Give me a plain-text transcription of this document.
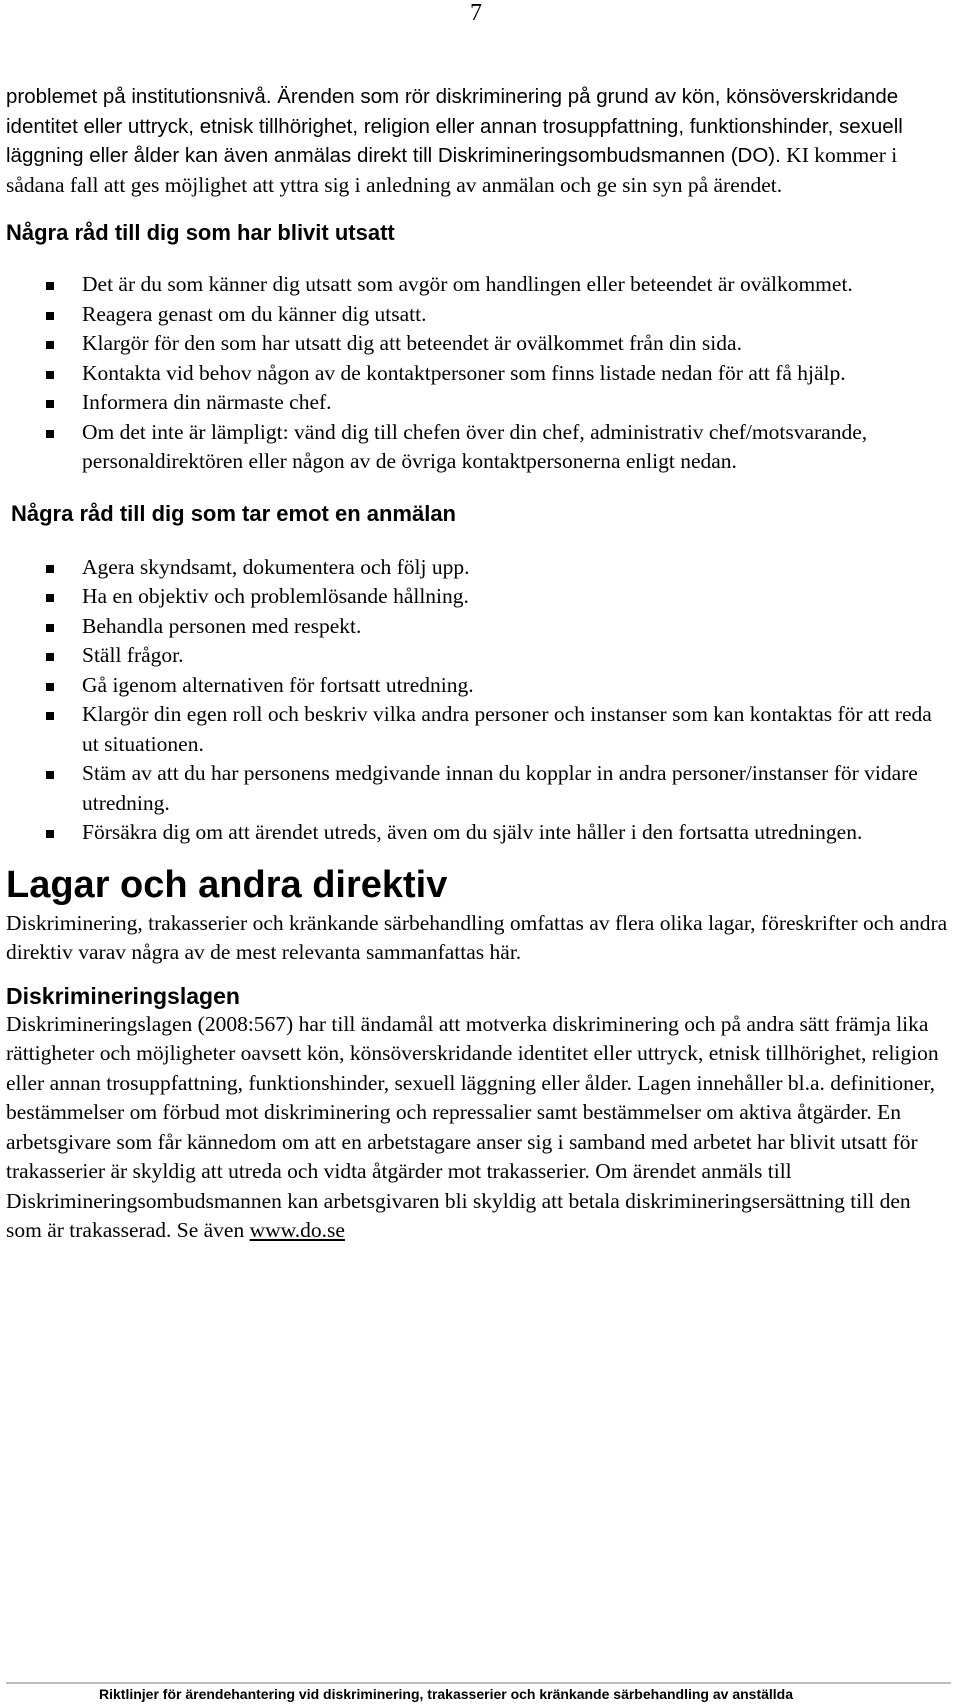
7

problemet på institutionsnivå. Ärenden som rör diskriminering på grund av kön, könsöverskridande identitet eller uttryck, etnisk tillhörighet, religion eller annan trosuppfattning, funktionshinder, sexuell läggning eller ålder kan även anmälas direkt till Diskrimineringsombudsmannen (DO). KI kommer i sådana fall att ges möjlighet att yttra sig i anledning av anmälan och ge sin syn på ärendet.

Några råd till dig som har blivit utsatt
Det är du som känner dig utsatt som avgör om handlingen eller beteendet är ovälkommet.
Reagera genast om du känner dig utsatt.
Klargör för den som har utsatt dig att beteendet är ovälkommet från din sida.
Kontakta vid behov någon av de kontaktpersoner som finns listade nedan för att få hjälp.
Informera din närmaste chef.
Om det inte är lämpligt: vänd dig till chefen över din chef, administrativ chef/motsvarande, personaldirektören eller någon av de övriga kontaktpersonerna enligt nedan.
Några råd till dig som tar emot en anmälan
Agera skyndsamt, dokumentera och följ upp.
Ha en objektiv och problemlösande hållning.
Behandla personen med respekt.
Ställ frågor.
Gå igenom alternativen för fortsatt utredning.
Klargör din egen roll och beskriv vilka andra personer och instanser som kan kontaktas för att reda ut situationen.
Stäm av att du har personens medgivande innan du kopplar in andra personer/instanser för vidare utredning.
Försäkra dig om att ärendet utreds, även om du själv inte håller i den fortsatta utredningen.
Lagar och andra direktiv

Diskriminering, trakasserier och kränkande särbehandling omfattas av flera olika lagar, föreskrifter och andra direktiv varav några av de mest relevanta sammanfattas här.

Diskrimineringslagen

Diskrimineringslagen (2008:567) har till ändamål att motverka diskriminering och på andra sätt främja lika rättigheter och möjligheter oavsett kön, könsöverskridande identitet eller uttryck, etnisk tillhörighet, religion eller annan trosuppfattning, funktionshinder, sexuell läggning eller ålder. Lagen innehåller bl.a. definitioner, bestämmelser om förbud mot diskriminering och repressalier samt bestämmelser om aktiva åtgärder. En arbetsgivare som får kännedom om att en arbetstagare anser sig i samband med arbetet har blivit utsatt för trakasserier är skyldig att utreda och vidta åtgärder mot trakasserier. Om ärendet anmäls till Diskrimineringsombudsmannen kan arbetsgivaren bli skyldig att betala diskrimineringsersättning till den som är trakasserad. Se även www.do.se

Riktlinjer för ärendehantering vid diskriminering, trakasserier och kränkande särbehandling av anställda
